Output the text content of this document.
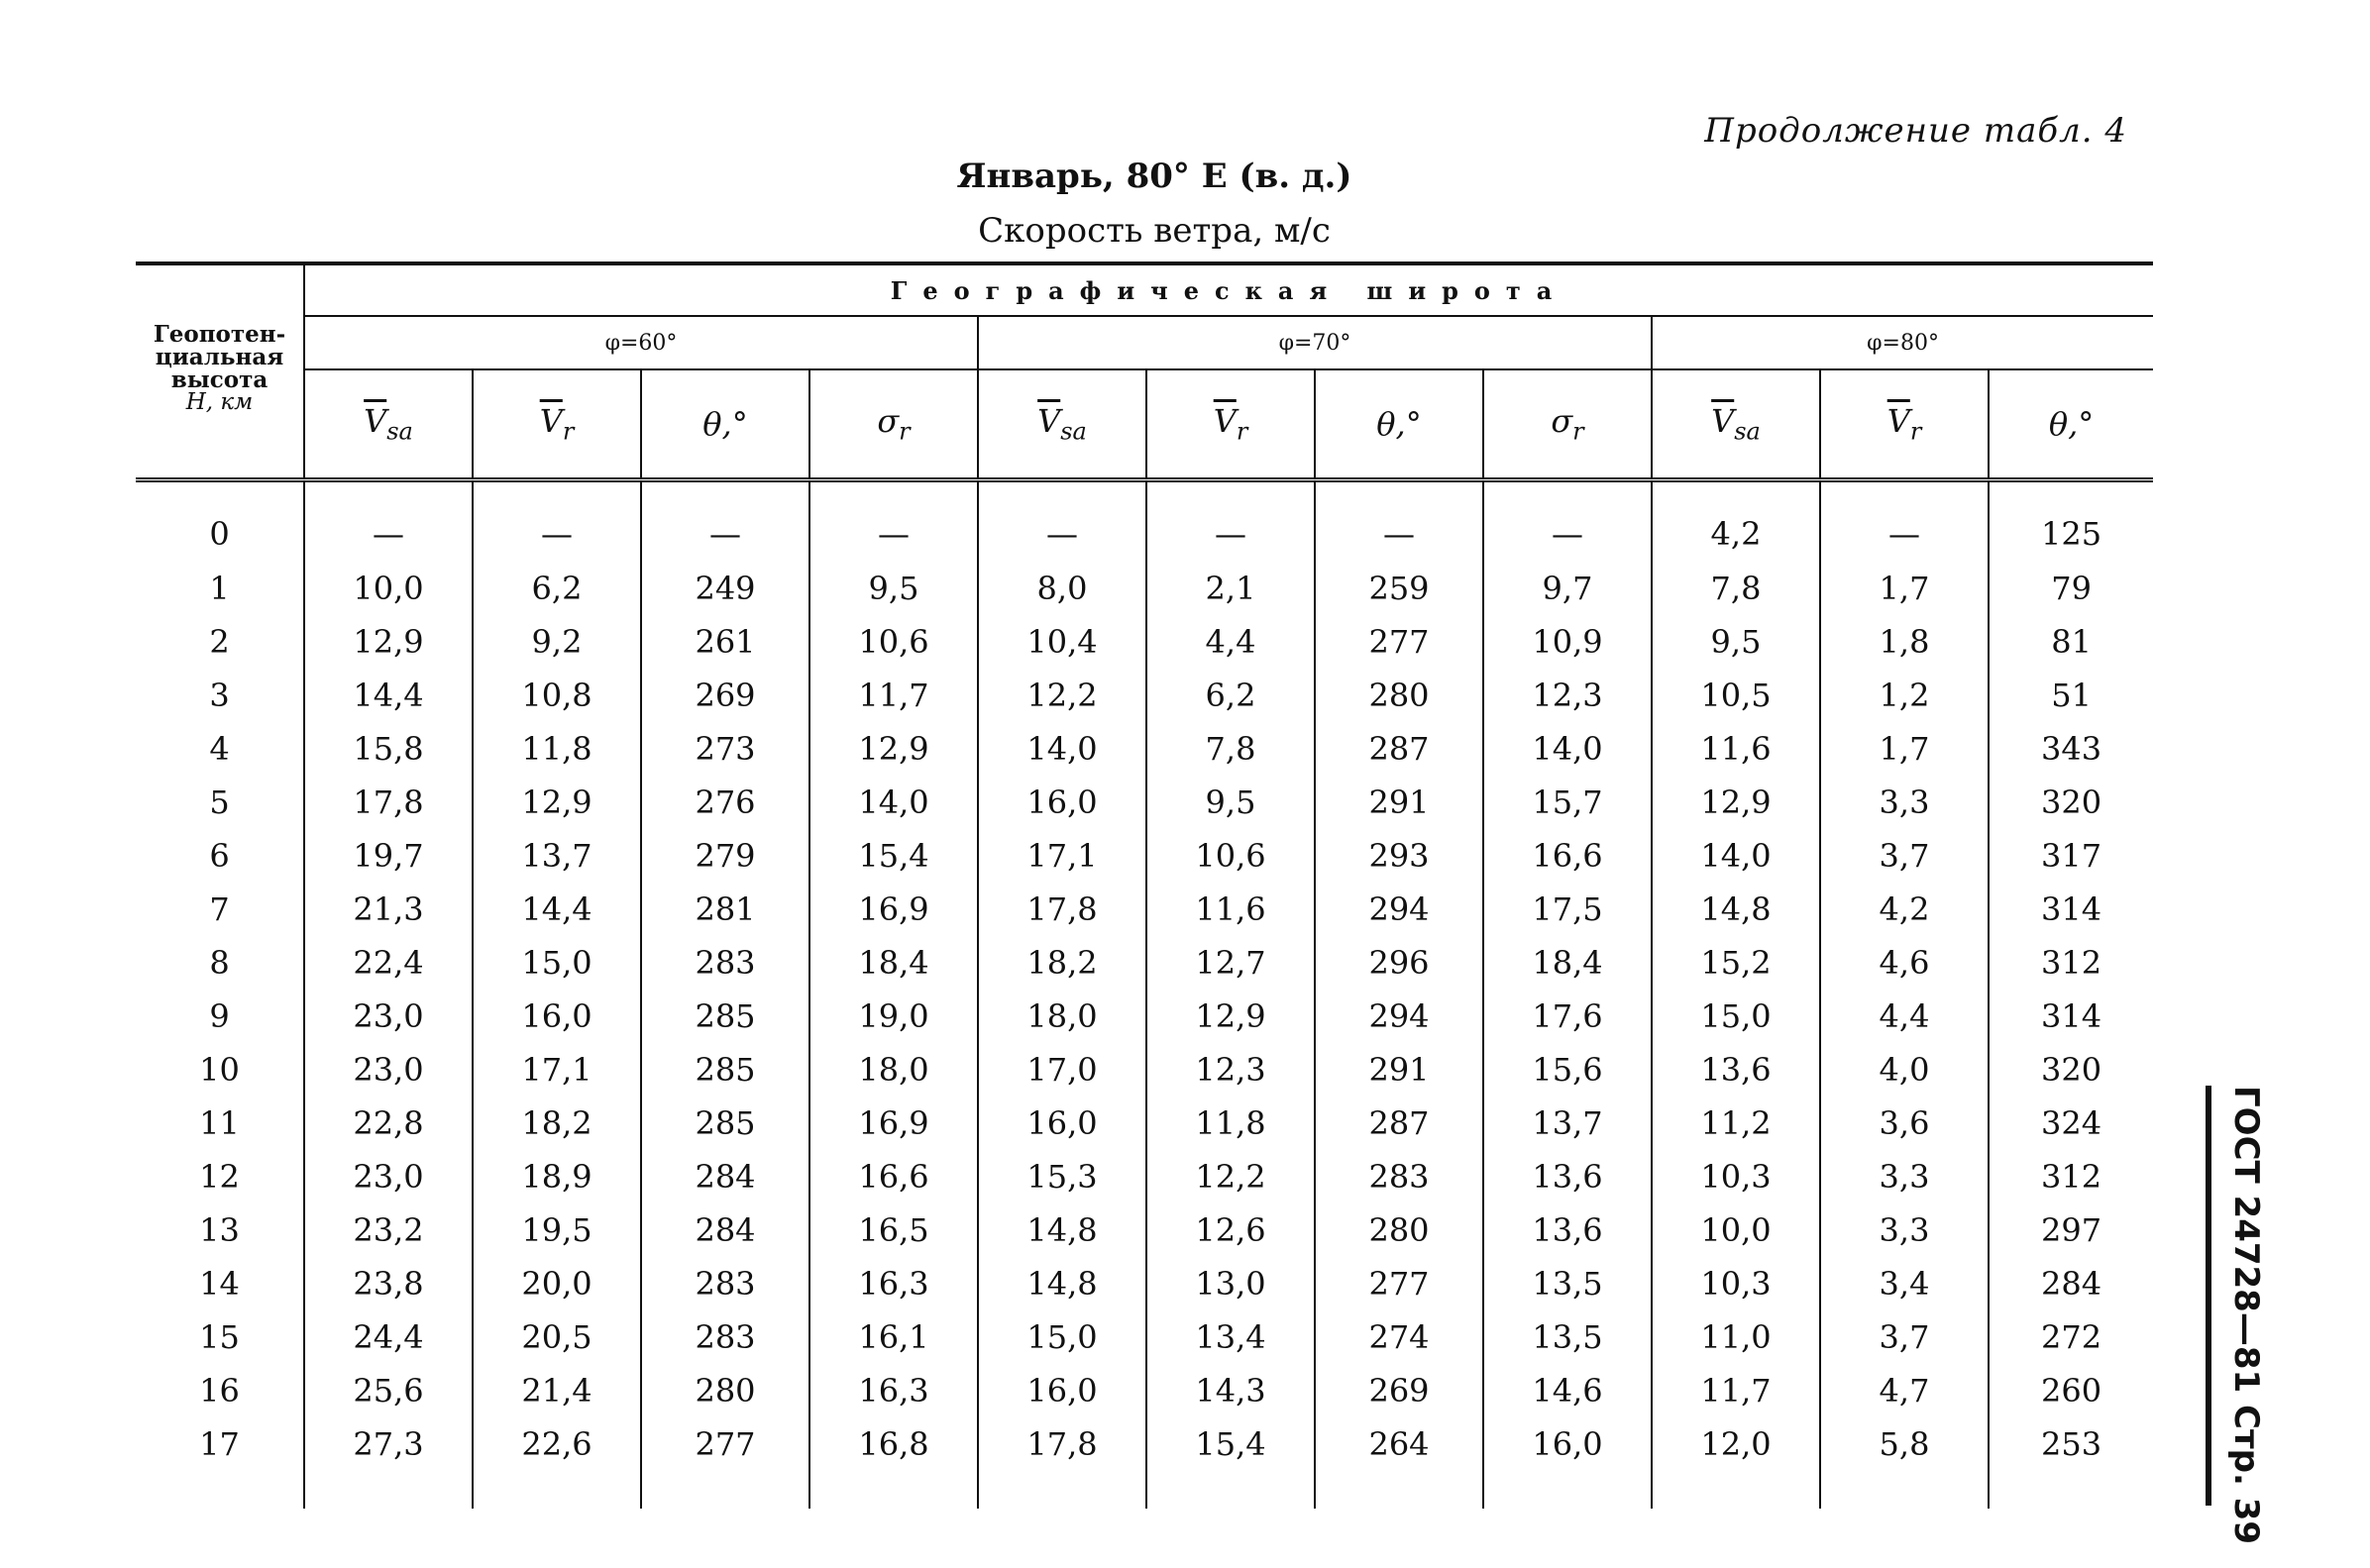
Продолжение табл. 4
Январь, 80° E (в. д.)
Скорость ветра, м/с
Геопотен-
циальная
высота
H, км	Географическая широта										
	φ=60°				φ=70°				φ=80°		
	$\overline{V}_{sa}$	$\overline{V}_r$	θ,°	$\sigma_r$	$\overline{V}_{sa}$	$\overline{V}_r$	θ,°	$\sigma_r$	$\overline{V}_{sa}$	$\overline{V}_r$	θ,°
0	—	—	—	—	—	—	—	—	4,2	—	125
1	10,0	6,2	249	9,5	8,0	2,1	259	9,7	7,8	1,7	79
2	12,9	9,2	261	10,6	10,4	4,4	277	10,9	9,5	1,8	81
3	14,4	10,8	269	11,7	12,2	6,2	280	12,3	10,5	1,2	51
4	15,8	11,8	273	12,9	14,0	7,8	287	14,0	11,6	1,7	343
5	17,8	12,9	276	14,0	16,0	9,5	291	15,7	12,9	3,3	320
6	19,7	13,7	279	15,4	17,1	10,6	293	16,6	14,0	3,7	317
7	21,3	14,4	281	16,9	17,8	11,6	294	17,5	14,8	4,2	314
8	22,4	15,0	283	18,4	18,2	12,7	296	18,4	15,2	4,6	312
9	23,0	16,0	285	19,0	18,0	12,9	294	17,6	15,0	4,4	314
10	23,0	17,1	285	18,0	17,0	12,3	291	15,6	13,6	4,0	320
11	22,8	18,2	285	16,9	16,0	11,8	287	13,7	11,2	3,6	324
12	23,0	18,9	284	16,6	15,3	12,2	283	13,6	10,3	3,3	312
13	23,2	19,5	284	16,5	14,8	12,6	280	13,6	10,0	3,3	297
14	23,8	20,0	283	16,3	14,8	13,0	277	13,5	10,3	3,4	284
15	24,4	20,5	283	16,1	15,0	13,4	274	13,5	11,0	3,7	272
16	25,6	21,4	280	16,3	16,0	14,3	269	14,6	11,7	4,7	260
17	27,3	22,6	277	16,8	17,8	15,4	264	16,0	12,0	5,8	253	ГОСТ 24728—81 Стр. 39
